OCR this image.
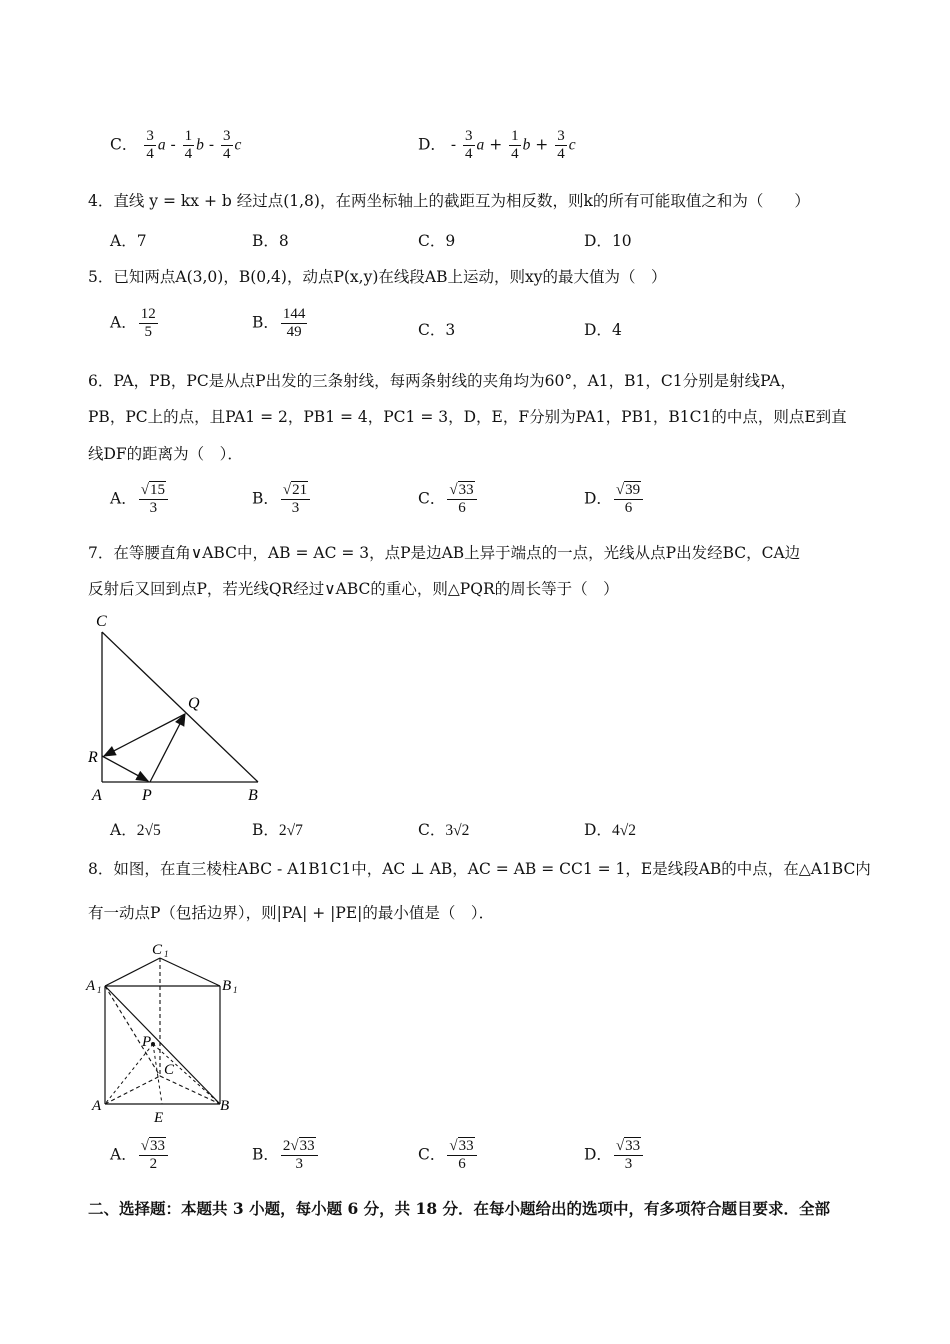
C． $\frac{3}{4}$ a - $\frac{1}{4}$ b - $\frac{3}{4}$ c	D． - $\frac{3}{4}$ $a + \frac{1}{4}$ $b + \frac{3}{4}$ c
4．直线 y = kx + b 经过点(1,8)，在两坐标轴上的截距互为相反数，则k的所有可能取值之和为（　　）
A．7	B．8	C．9	D．10
5．已知两点A(3,0)，B(0,4)，动点P(x,y)在线段AB上运动，则xy的最大值为（　）
A． $\frac{12}{5}$	B． $\frac{144}{49}$	C．3	D．4
6．PA，PB，PC是从点P出发的三条射线，每两条射线的夹角均为60°，A1，B1，C1分别是射线PA，
PB，PC上的点，且PA1 = 2，PB1 = 4，PC1 = 3，D，E，F分别为PA1，PB1，B1C1的中点，则点E到直
线DF的距离为（　）．
A． $\frac{√15}{3}$	B． $\frac{√21}{3}$	C． $\frac{√33}{6}$	D． $\frac{√39}{6}$
7．在等腰直角∨ABC中，AB = AC = 3，点P是边AB上异于端点的一点，光线从点P出发经BC，CA边
反射后又回到点P，若光线QR经过∨ABC的重心，则△PQR的周长等于（　）
C
Q
R
A	P	B
A．2√5	B．2√7	C．3√2	D．4√2
8．如图，在直三棱柱ABC - A1B1C1中，AC ⊥ AB，AC = AB = CC1 = 1，E是线段AB的中点，在△A1BC内
有一动点P（包括边界），则|PA| + |PE|的最小值是（　）．
C 1
A 1	B 1
P
C
A
E
B
A． $\frac{√33}{2}$	B． $\frac{2√33}{3}$	C． $\frac{√33}{6}$	D． $\frac{√33}{3}$
二、选择题：本题共 3 小题，每小题 6 分，共 18 分．在每小题给出的选项中，有多项符合题目要求．全部
